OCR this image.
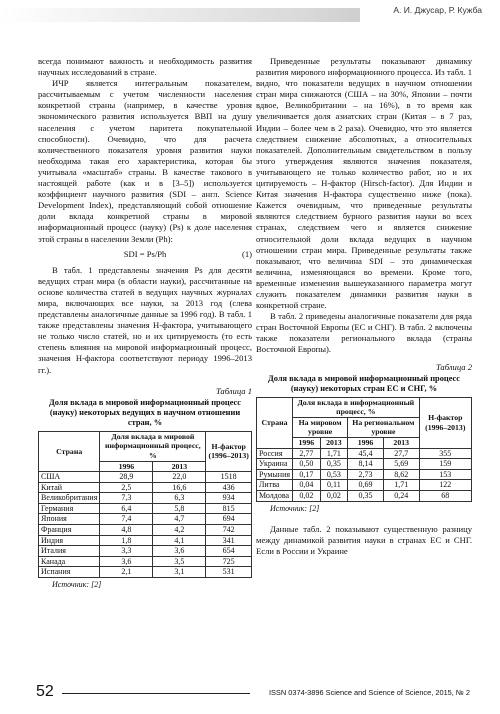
А. И. Джусар, Р. Кужба

всегда понимают важность и необходимость развития научных исследований в стране.

ИЧР является интегральным показателем, рассчитываемым с учетом численности населения конкретной страны (например, в качестве уровня экономического развития используется ВВП на душу населения с учетом паритета покупательной способности). Очевидно, что для расчета количественного показателя уровня развития науки необходима такая его характеристика, которая бы учитывала «масштаб» страны. В качестве такового в настоящей работе (как и в [3–5]) используется коэффициент научного развития (SDI – англ. Science Development Index), представляющий собой отношение доли вклада конкретной страны в мировой информационный процесс (науку) (Ps) к доле населения этой страны в населении Земли (Ph):

SDI = Ps/Ph	(1)

В табл. 1 представлены значения Ps для десяти ведущих стран мира (в области науки), рассчитанные на основе количества статей в ведущих научных журналах мира, включающих все науки, за 2013 год (слева представлены аналогичные данные за 1996 год). В табл. 1 также представлены значения Н-фактора, учитывающего не только число статей, но и их цитируемость (то есть степень влияния на мировой информационный процесс, значения Н-фактора соответствуют периоду 1996–2013 гг.).

Таблица 1
Доля вклада в мировой информационный процесс (науку) некоторых ведущих в научном отношении стран, %
Страна	Доля вклада в мировой информационный процесс, %		Н-фактор (1996–2013)
	1996	2013	
США	28,9	22,0	1518
Китай	2,5	16,6	436
Великобритания	7,3	6,3	934
Германия	6,4	5,8	815
Япония	7,4	4,7	694
Франция	4,8	4,2	742
Индия	1,8	4,1	341
Италия	3,3	3,6	654
Канада	3,6	3,5	725
Испания	2,1	3,1	531
Источник: [2]

Приведенные результаты показывают динамику развития мирового информационного процесса. Из табл. 1 видно, что показатели ведущих в научном отношении стран мира снижаются (США – на 30%, Японии – почти вдвое, Великобритании – на 16%), в то время как увеличивается доля азиатских стран (Китая – в 7 раз, Индии – более чем в 2 раза). Очевидно, что это является следствием снижение абсолютных, а относительных показателей. Дополнительным свидетельством в пользу этого утверждения являются значения показателя, учитывающего не только количество работ, но и их цитируемость – Н-фактор (Hirsch-factor). Для Индии и Китая значения Н-фактора существенно ниже (пока). Кажется очевидным, что приведенные результаты являются следствием бурного развития науки во всех странах, следствием чего и является снижение относительной доли вклада ведущих в научном отношении стран мира. Приведенные результаты также показывают, что величина SDI – это динамическая величина, изменяющаяся во времени. Кроме того, временные изменения вышеуказанного параметра могут служить показателем динамики развития науки в конкретной стране.

В табл. 2 приведены аналогичные показатели для ряда стран Восточной Европы (ЕС и СНГ). В табл. 2 включены также показатели регионального вклада (страны Восточной Европы).

Таблица 2
Доля вклада в мировой информационный процесс (науку) некоторых стран ЕС и СНГ, %
Страна	Доля вклада в информационный процесс, %				Н-фактор (1996–2013)
	На мировом уровне		На региональном уровне		
	1996	2013	1996	2013	
Россия	2,77	1,71	45,4	27,7	355
Украина	0,50	0,35	8,14	5,69	159
Румыния	0,17	0,53	2,73	8,62	153
Литва	0,04	0,11	0,69	1,71	122
Молдова	0,02	0,02	0,35	0,24	68
Источник: [2]

Данные табл. 2 показывают существенную разницу между динамикой развития науки в странах ЕС и СНГ. Если в России и Украине

52	ISSN 0374-3896 Science and Science of Science, 2015, № 2
